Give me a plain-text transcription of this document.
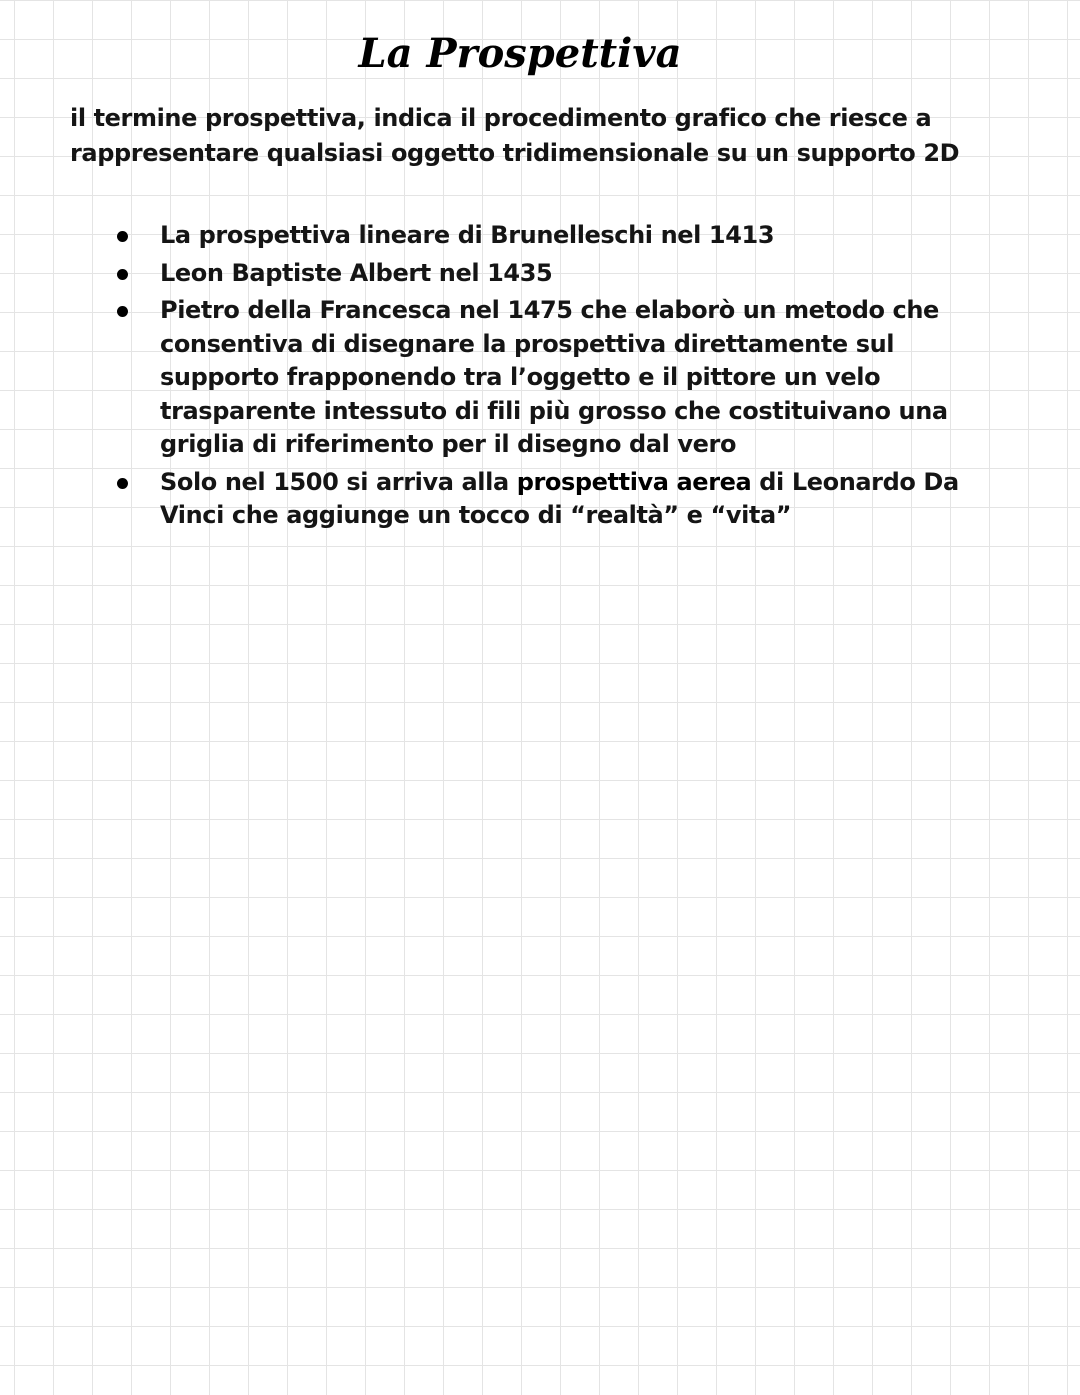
La Prospettiva

il termine prospettiva, indica il procedimento grafico che riesce a
rappresentare qualsiasi oggetto tridimensionale su un supporto 2D

La prospettiva lineare di Brunelleschi nel 1413
Leon Baptiste Albert nel 1435
Pietro della Francesca nel 1475 che elaborò un metodo che
consentiva di disegnare la prospettiva direttamente sul
supporto frapponendo tra l’oggetto e il pittore un velo
trasparente intessuto di fili più grosso che costituivano una
griglia di riferimento per il disegno dal vero
Solo nel 1500 si arriva alla prospettiva aerea di Leonardo Da
Vinci che aggiunge un tocco di “realtà” e “vita”
